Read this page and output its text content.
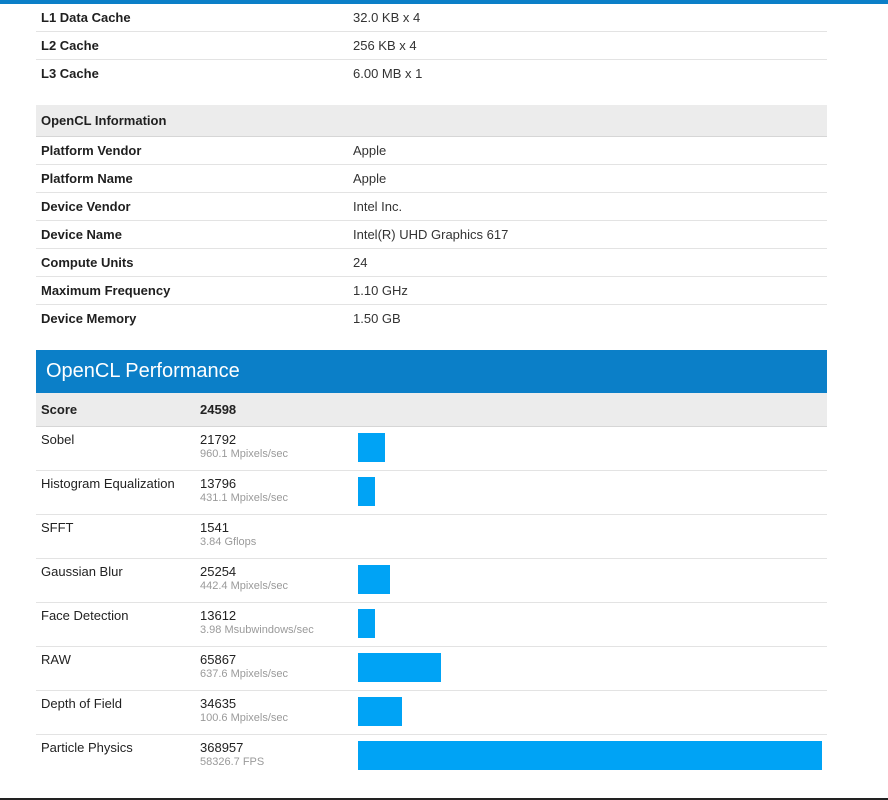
L1 Data Cache	32.0 KB x 4
L2 Cache	256 KB x 4
L3 Cache	6.00 MB x 1
OpenCL Information
Platform Vendor	Apple
Platform Name	Apple
Device Vendor	Intel Inc.
Device Name	Intel(R) UHD Graphics 617
Compute Units	24
Maximum Frequency	1.10 GHz
Device Memory	1.50 GB
OpenCL Performance
Score	24598
Sobel	21792
960.1 Mpixels/sec
Histogram Equalization 13796
431.1 Mpixels/sec
SFFT	1541
3.84 Gflops
Gaussian Blur	25254
442.4 Mpixels/sec
Face Detection	13612
3.98 Msubwindows/sec
RAW	65867
637.6 Mpixels/sec
Depth of Field	34635
100.6 Mpixels/sec
Particle Physics	368957
58326.7 FPS
